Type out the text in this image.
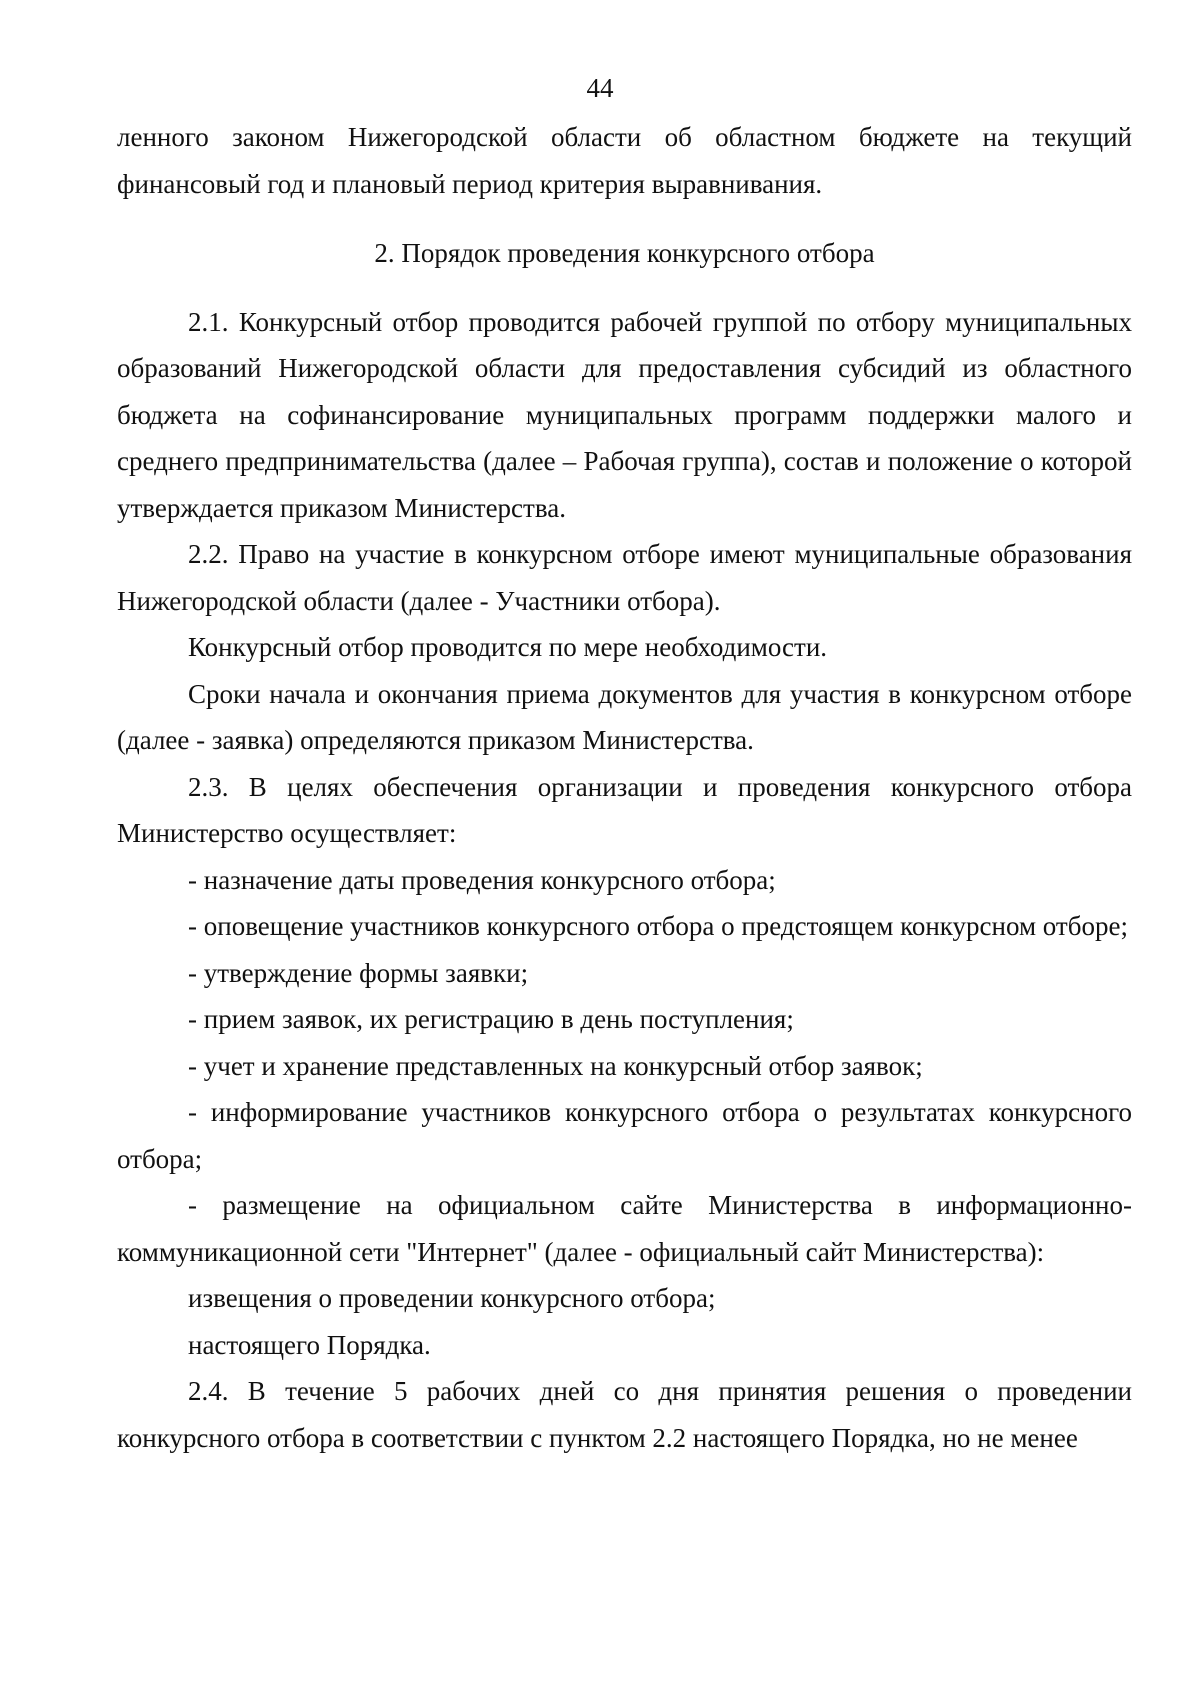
44

ленного законом Нижегородской области об областном бюджете на текущий финансовый год и плановый период критерия выравнивания.

2. Порядок проведения конкурсного отбора

2.1. Конкурсный отбор проводится рабочей группой по отбору муниципальных образований Нижегородской области для предоставления субсидий из областного бюджета на софинансирование муниципальных программ поддержки малого и среднего предпринимательства (далее – Рабочая группа), состав и положение о которой утверждается приказом Министерства.

2.2. Право на участие в конкурсном отборе имеют муниципальные образования Нижегородской области (далее - Участники отбора).

Конкурсный отбор проводится по мере необходимости.

Сроки начала и окончания приема документов для участия в конкурсном отборе (далее - заявка) определяются приказом Министерства.

2.3. В целях обеспечения организации и проведения конкурсного отбора Министерство осуществляет:

- назначение даты проведения конкурсного отбора;

- оповещение участников конкурсного отбора о предстоящем конкурсном отборе;

- утверждение формы заявки;

- прием заявок, их регистрацию в день поступления;

- учет и хранение представленных на конкурсный отбор заявок;

- информирование участников конкурсного отбора о результатах конкурсного отбора;

- размещение на официальном сайте Министерства в информационно-коммуникационной сети "Интернет" (далее - официальный сайт Министерства):

извещения о проведении конкурсного отбора;

настоящего Порядка.

2.4. В течение 5 рабочих дней со дня принятия решения о проведении конкурсного отбора в соответствии с пунктом 2.2 настоящего Порядка, но не менее
